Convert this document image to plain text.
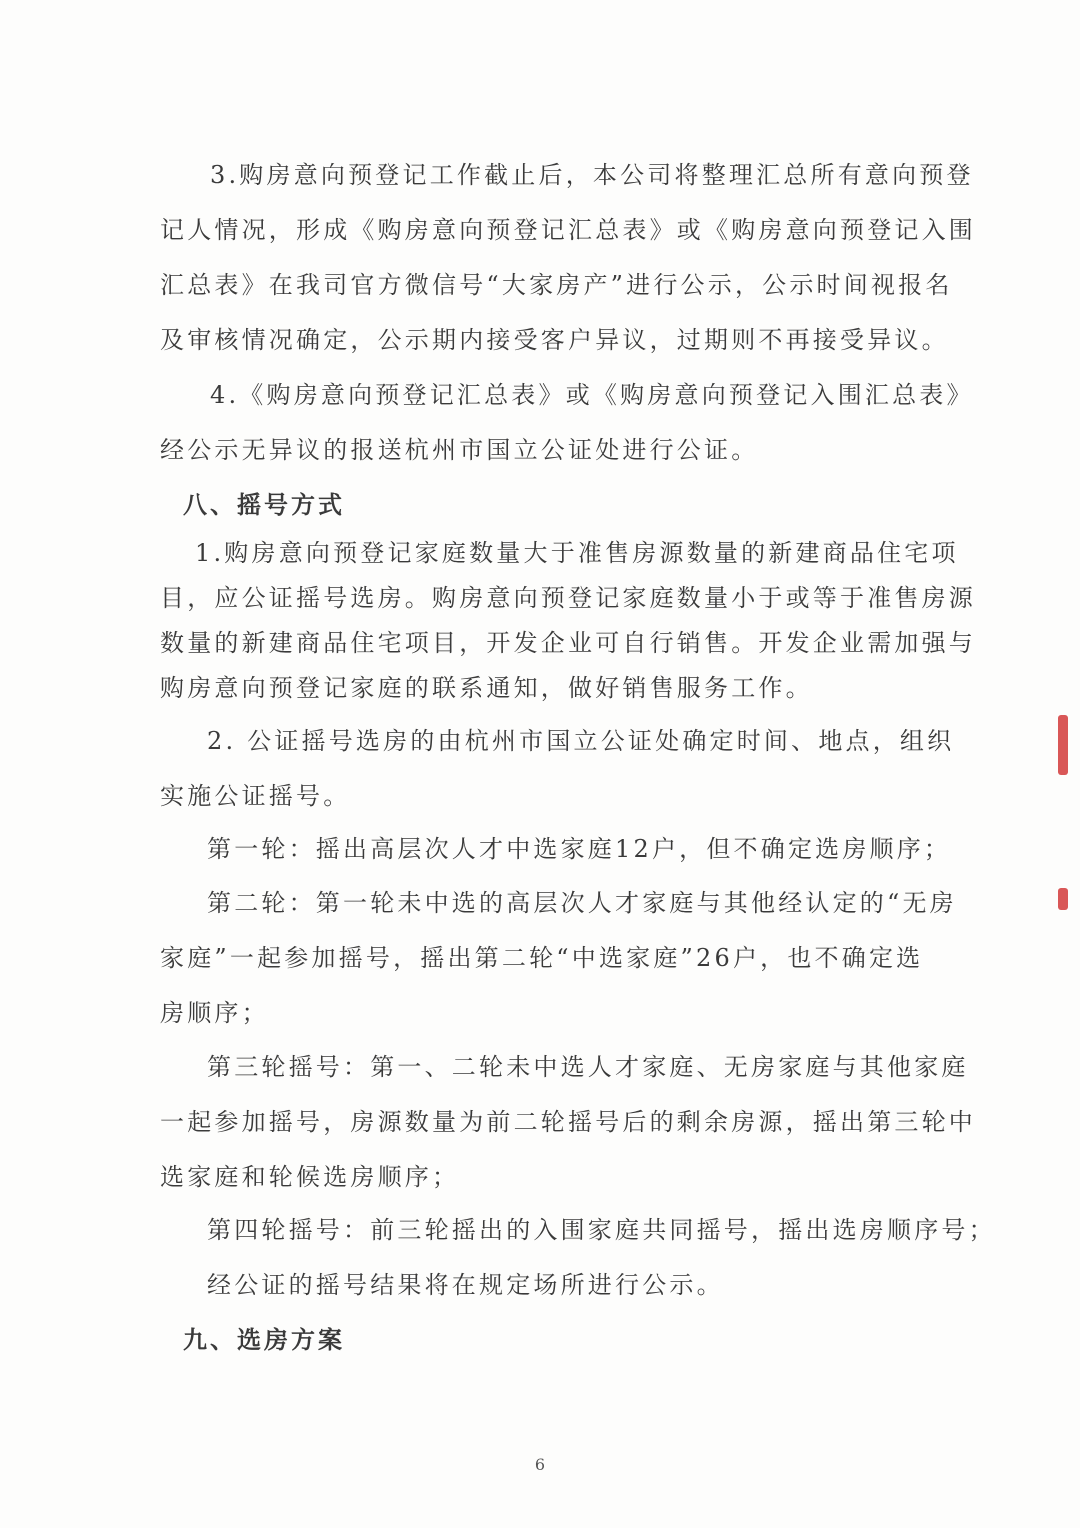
3.购房意向预登记工作截止后，本公司将整理汇总所有意向预登
记人情况，形成《购房意向预登记汇总表》或《购房意向预登记入围
汇总表》在我司官方微信号“大家房产”进行公示，公示时间视报名
及审核情况确定，公示期内接受客户异议，过期则不再接受异议。
4.《购房意向预登记汇总表》或《购房意向预登记入围汇总表》
经公示无异议的报送杭州市国立公证处进行公证。
八、摇号方式
1.购房意向预登记家庭数量大于准售房源数量的新建商品住宅项
目，应公证摇号选房。购房意向预登记家庭数量小于或等于准售房源
数量的新建商品住宅项目，开发企业可自行销售。开发企业需加强与
购房意向预登记家庭的联系通知，做好销售服务工作。
2. 公证摇号选房的由杭州市国立公证处确定时间、地点，组织
实施公证摇号。
第一轮：摇出高层次人才中选家庭12户，但不确定选房顺序；
第二轮：第一轮未中选的高层次人才家庭与其他经认定的“无房
家庭”一起参加摇号，摇出第二轮“中选家庭”26户，也不确定选
房顺序；
第三轮摇号：第一、二轮未中选人才家庭、无房家庭与其他家庭
一起参加摇号，房源数量为前二轮摇号后的剩余房源，摇出第三轮中
选家庭和轮候选房顺序；
第四轮摇号：前三轮摇出的入围家庭共同摇号，摇出选房顺序号；
经公证的摇号结果将在规定场所进行公示。
九、选房方案
6
